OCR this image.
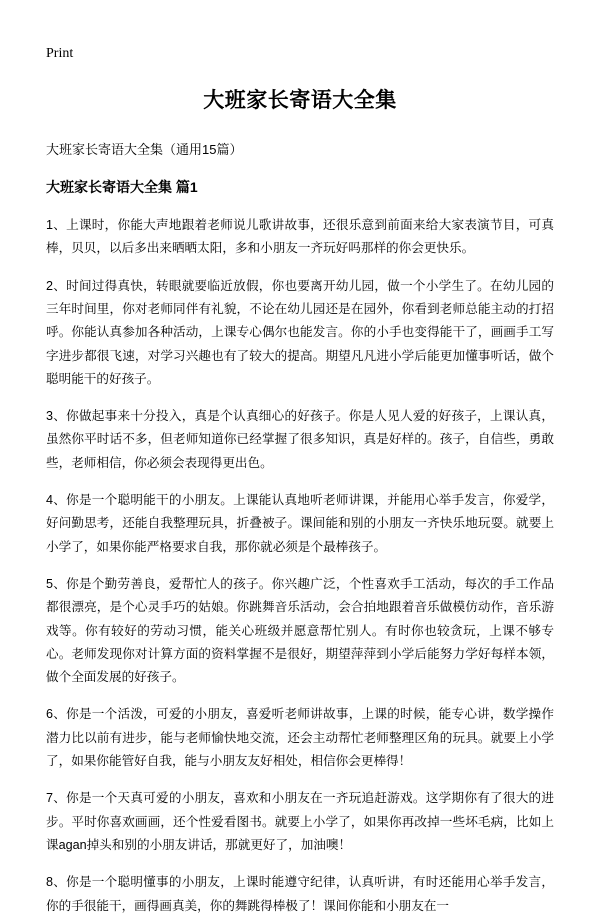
Print
大班家长寄语大全集

大班家长寄语大全集（通用15篇）

大班家长寄语大全集 篇1

1、上课时，你能大声地跟着老师说儿歌讲故事，还很乐意到前面来给大家表演节目，可真棒，贝贝，以后多出来晒晒太阳，多和小朋友一齐玩好吗那样的你会更快乐。

2、时间过得真快，转眼就要临近放假，你也要离开幼儿园，做一个小学生了。在幼儿园的三年时间里，你对老师同伴有礼貌，不论在幼儿园还是在园外，你看到老师总能主动的打招呼。你能认真参加各种活动，上课专心偶尔也能发言。你的小手也变得能干了，画画手工写字进步都很飞速，对学习兴趣也有了较大的提高。期望凡凡进小学后能更加懂事听话，做个聪明能干的好孩子。

3、你做起事来十分投入，真是个认真细心的好孩子。你是人见人爱的好孩子，上课认真，虽然你平时话不多，但老师知道你已经掌握了很多知识，真是好样的。孩子，自信些，勇敢些，老师相信，你必须会表现得更出色。

4、你是一个聪明能干的小朋友。上课能认真地听老师讲课，并能用心举手发言，你爱学，好问勤思考，还能自我整理玩具，折叠被子。课间能和别的小朋友一齐快乐地玩耍。就要上小学了，如果你能严格要求自我，那你就必须是个最棒孩子。

5、你是个勤劳善良，爱帮忙人的孩子。你兴趣广泛，个性喜欢手工活动，每次的手工作品都很漂亮，是个心灵手巧的姑娘。你跳舞音乐活动，会合拍地跟着音乐做模仿动作，音乐游戏等。你有较好的劳动习惯，能关心班级并愿意帮忙别人。有时你也较贪玩，上课不够专心。老师发现你对计算方面的资料掌握不是很好，期望萍萍到小学后能努力学好每样本领，做个全面发展的好孩子。

6、你是一个活泼，可爱的小朋友，喜爱听老师讲故事，上课的时候，能专心讲，数学操作潜力比以前有进步，能与老师愉快地交流，还会主动帮忙老师整理区角的玩具。就要上小学了，如果你能管好自我，能与小朋友友好相处，相信你会更棒得！

7、你是一个天真可爱的小朋友，喜欢和小朋友在一齐玩追赶游戏。这学期你有了很大的进步。平时你喜欢画画，还个性爱看图书。就要上小学了，如果你再改掉一些坏毛病，比如上课agan掉头和别的小朋友讲话，那就更好了，加油噢！

8、你是一个聪明懂事的小朋友，上课时能遵守纪律，认真听讲，有时还能用心举手发言，你的手很能干，画得画真美，你的舞跳得棒极了！课间你能和小朋友在一
